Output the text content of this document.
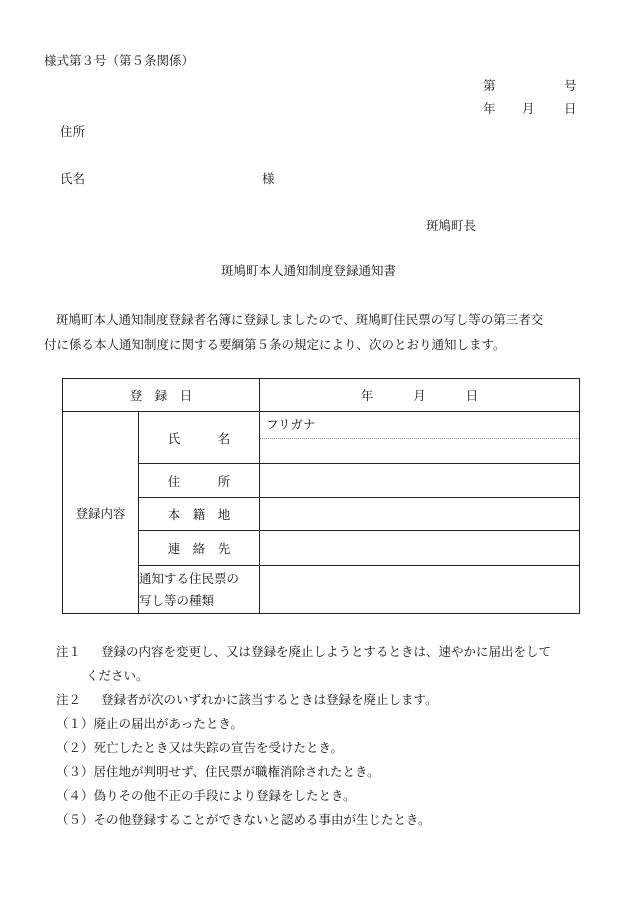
様式第３号（第５条関係）
第	号
年 月 日
住所
氏名	様
斑鳩町長
斑鳩町本人通知制度登録通知書
斑鳩町本人通知制度登録者名簿に登録しましたので、斑鳩町住民票の写し等の第三者交
付に係る本人通知制度に関する要綱第５条の規定により、次のとおり通知します。
登　録　日		年 月 日
登録内容	氏　　　名	フリガナ

	住　　　所	
	本　籍　地	
	連　絡　先	

	通知する住民票の
写し等の種類	

注１ 登録の内容を変更し、又は登録を廃止しようとするときは、速やかに届出をして
ください。
注２ 登録者が次のいずれかに該当するときは登録を廃止します。
（１）廃止の届出があったとき。
（２）死亡したとき又は失踪の宣告を受けたとき。
（３）居住地が判明せず、住民票が職権消除されたとき。
（４）偽りその他不正の手段により登録をしたとき。
（５）その他登録することができないと認める事由が生じたとき。
